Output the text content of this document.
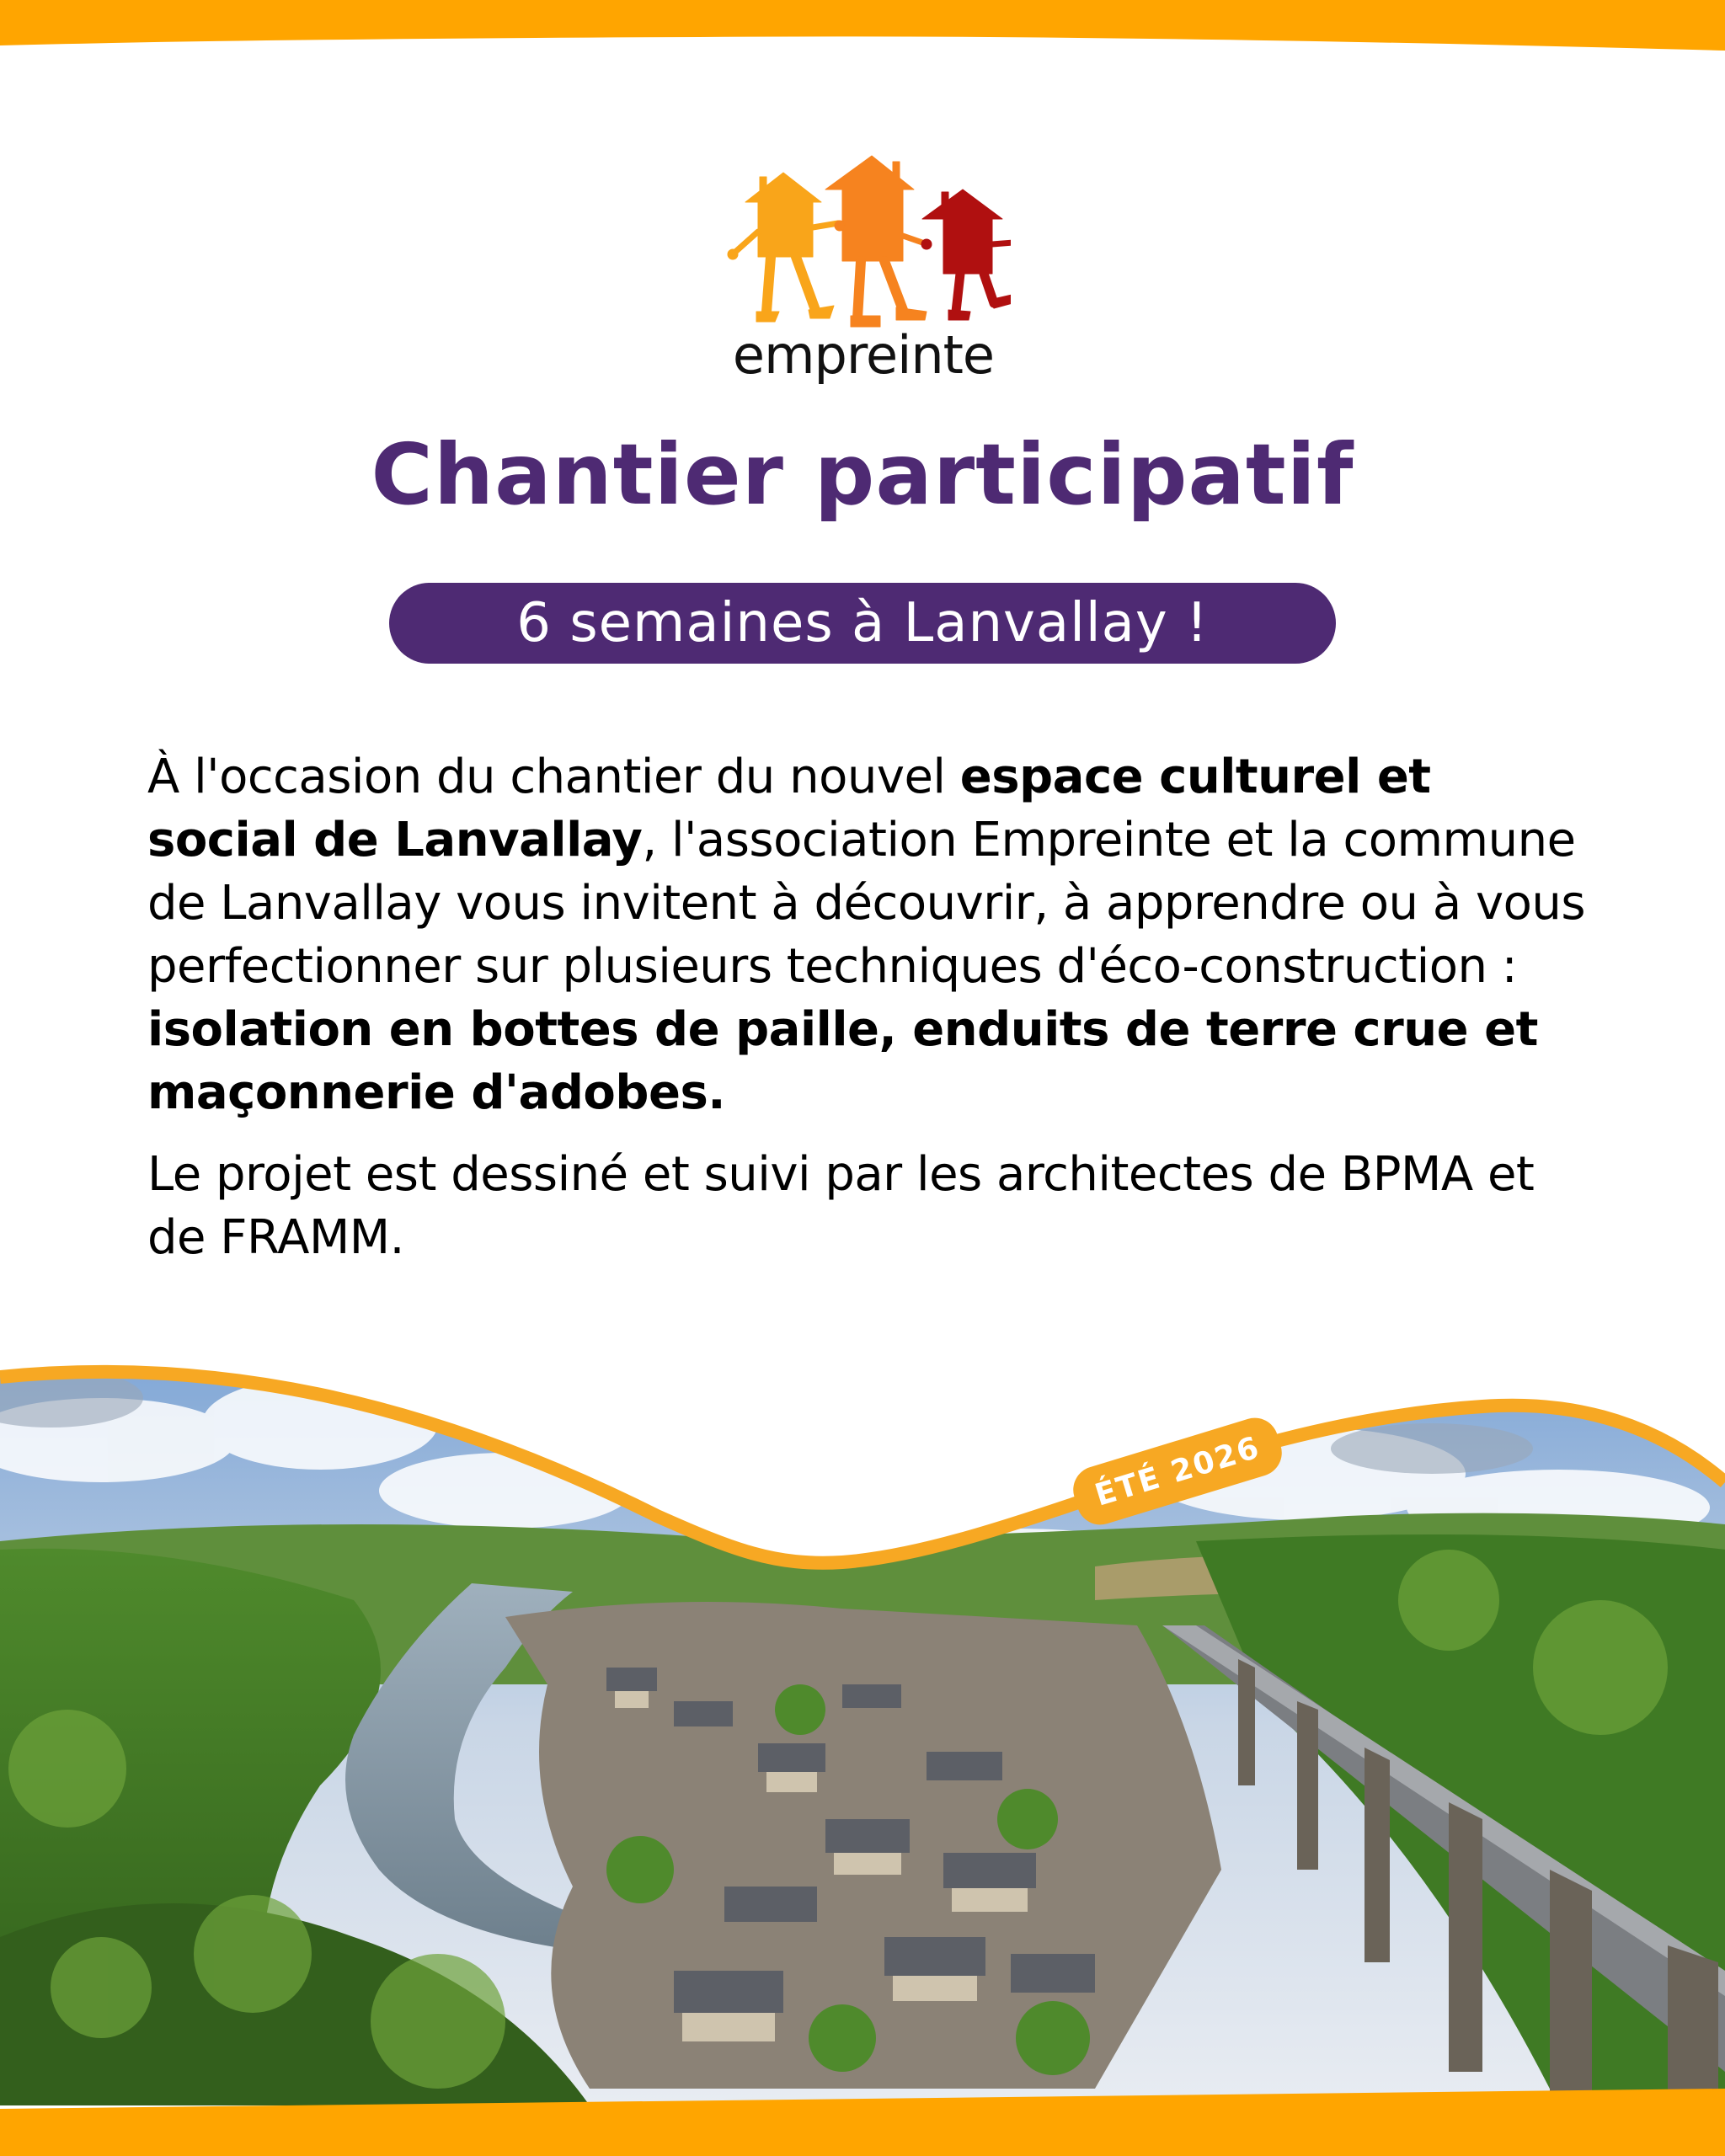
empreinte
Chantier participatif
6 semaines à Lanvallay !

À l'occasion du chantier du nouvel espace culturel et social de Lanvallay, l'association Empreinte et la commune de Lanvallay vous invitent à découvrir, à apprendre ou à vous perfectionner sur plusieurs techniques d'éco-construction : isolation en bottes de paille, enduits de terre crue et maçonnerie d'adobes.

Le projet est dessiné et suivi par les architectes de BPMA et de FRAMM.

ÉTÉ 2026
